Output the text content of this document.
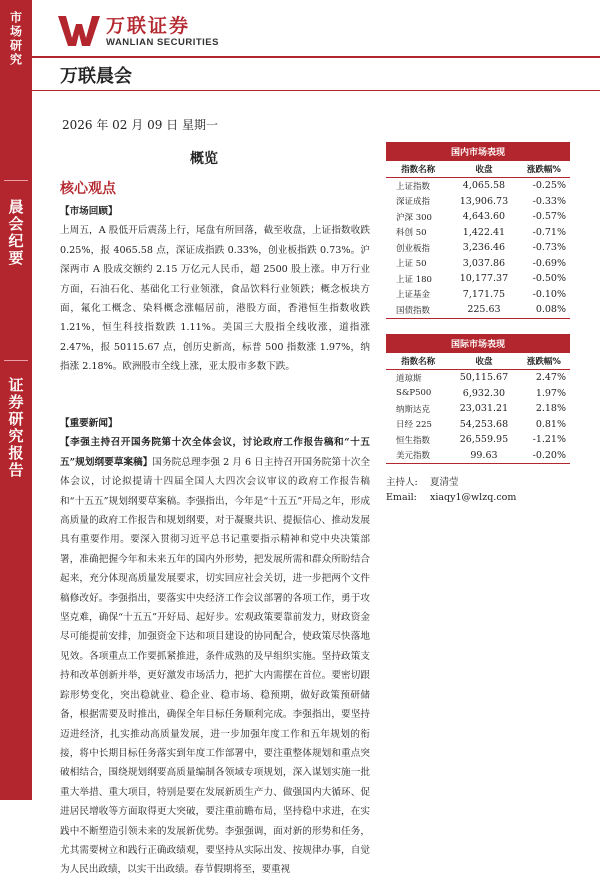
市场研究
晨会纪要
证券研究报告
万联证券
WANLIAN SECURITIES
万联晨会
2026 年 02 月 09 日 星期一
概览
核心观点

【市场回顾】

上周五，A 股低开后震荡上行，尾盘有所回落，截至收盘，上证指数收跌 0.25%，报 4065.58 点，深证成指跌 0.33%，创业板指跌 0.73%。沪深两市 A 股成交额约 2.15 万亿元人民币，超 2500 股上涨。申万行业方面，石油石化、基础化工行业领涨，食品饮料行业领跌；概念板块方面，氟化工概念、染料概念涨幅居前，港股方面，香港恒生指数收跌 1.21%，恒生科技指数跌 1.11%。美国三大股指全线收涨，道指涨 2.47%，报 50115.67 点，创历史新高，标普 500 指数涨 1.97%，纳指涨 2.18%。欧洲股市全线上涨，亚太股市多数下跌。

【重要新闻】

【李强主持召开国务院第十次全体会议，讨论政府工作报告稿和“十五五”规划纲要草案稿】国务院总理李强 2 月 6 日主持召开国务院第十次全体会议，讨论拟提请十四届全国人大四次会议审议的政府工作报告稿和“十五五”规划纲要草案稿。李强指出，今年是“十五五”开局之年，形成高质量的政府工作报告和规划纲要，对于凝聚共识、提振信心、推动发展具有重要作用。要深入贯彻习近平总书记重要指示精神和党中央决策部署，准确把握今年和未来五年的国内外形势，把发展所需和群众所盼结合起来，充分体现高质量发展要求，切实回应社会关切，进一步把两个文件稿修改好。李强指出，要落实中央经济工作会议部署的各项工作，勇于攻坚克难，确保“十五五”开好局、起好步。宏观政策要靠前发力，财政资金尽可能提前安排，加强资金下达和项目建设的协同配合，使政策尽快落地见效。各项重点工作要抓紧推进，条件成熟的及早组织实施。坚持政策支持和改革创新并举，更好激发市场活力，把扩大内需摆在首位。要密切跟踪形势变化，突出稳就业、稳企业、稳市场、稳预期，做好政策预研储备，根据需要及时推出，确保全年目标任务顺利完成。李强指出，要坚持迈进经济，扎实推动高质量发展，进一步加强年度工作和五年规划的衔接，将中长期目标任务落实到年度工作部署中，要注重整体规划和重点突破相结合，围绕规划纲要高质量编制各领域专项规划，深入谋划实施一批重大举措、重大项目，特别是要在发展新质生产力、做强国内大循环、促进居民增收等方面取得更大突破，要注重前瞻布局，坚持稳中求进，在实践中不断塑造引领未来的发展新优势。李强强调，面对新的形势和任务，尤其需要树立和践行正确政绩观，要坚持从实际出发、按规律办事，自觉为人民出政绩，以实干出政绩。春节假期将至，要重视

国内市场表现
指数名称	收盘	涨跌幅%
上证指数	4,065.58	-0.25%
深证成指	13,906.73	-0.33%
沪深 300	4,643.60	-0.57%
科创 50	1,422.41	-0.71%
创业板指	3,236.46	-0.73%
上证 50	3,037.86	-0.69%
上证 180	10,177.37	-0.50%
上证基金	7,171.75	-0.10%
国债指数	225.63	0.08%
国际市场表现
指数名称	收盘	涨跌幅%
道琼斯	50,115.67	2.47%
S&P500	6,932.30	1.97%
纳斯达克	23,031.21	2.18%
日经 225	54,253.68	0.81%
恒生指数	26,559.95	-1.21%
美元指数	99.63	-0.20%
主持人: 夏清莹
Email: xiaqy1@wlzq.com
